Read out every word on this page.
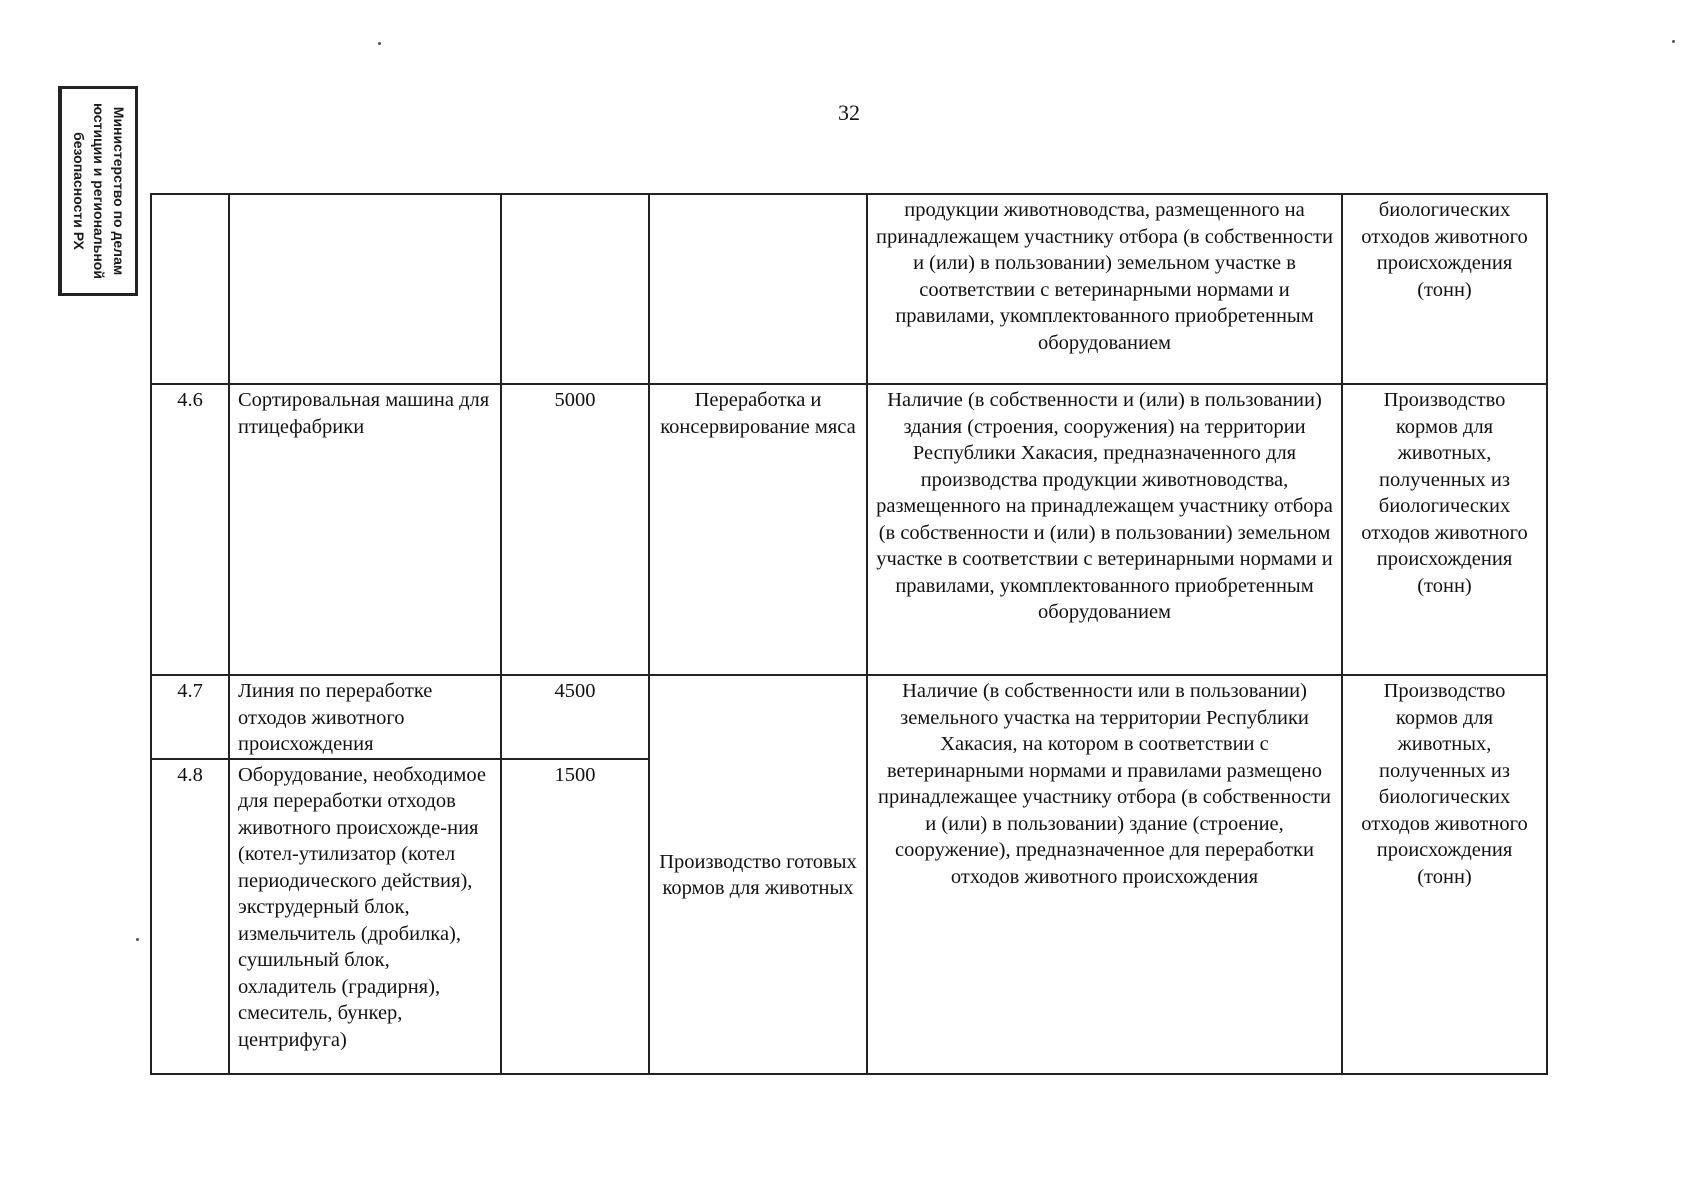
32
Министерство по делам
юстиции и региональной
безопасности РХ
					продукции животноводства, размещенного на принадлежащем участнику отбора (в собственности и (или) в пользовании) земельном участке в соответствии с ветеринарными нормами и правилами, укомплектованного приобретенным оборудованием	биологических отходов животного происхождения (тонн)
4.6	Сортировальная машина для птицефабрики	5000	Переработка и консервирование мяса	Наличие (в собственности и (или) в пользовании) здания (строения, сооружения) на территории Республики Хакасия, предназначенного для производства продукции животноводства, размещенного на принадлежащем участнику отбора (в собственности и (или) в пользовании) земельном участке в соответствии с ветеринарными нормами и правилами, укомплектованного приобретенным оборудованием	Производство кормов для животных, полученных из биологических отходов животного происхождения (тонн)
4.7	Линия по переработке отходов животного происхождения	4500	Производство готовых кормов для животных	Наличие (в собственности или в пользовании) земельного участка на территории Республики Хакасия, на котором в соответствии с ветеринарными нормами и правилами размещено принадлежащее участнику отбора (в собственности и (или) в пользовании) здание (строение, сооружение), предназначенное для переработки отходов животного происхождения	Производство кормов для животных, полученных из биологических отходов животного происхождения (тонн)
4.8	Оборудование, необходимое для переработки отходов животного происхожде-ния (котел-утилизатор (котел периодического действия), экструдерный блок, измельчитель (дробилка), сушильный блок, охладитель (градирня), смеситель, бункер, центрифуга)	1500			
